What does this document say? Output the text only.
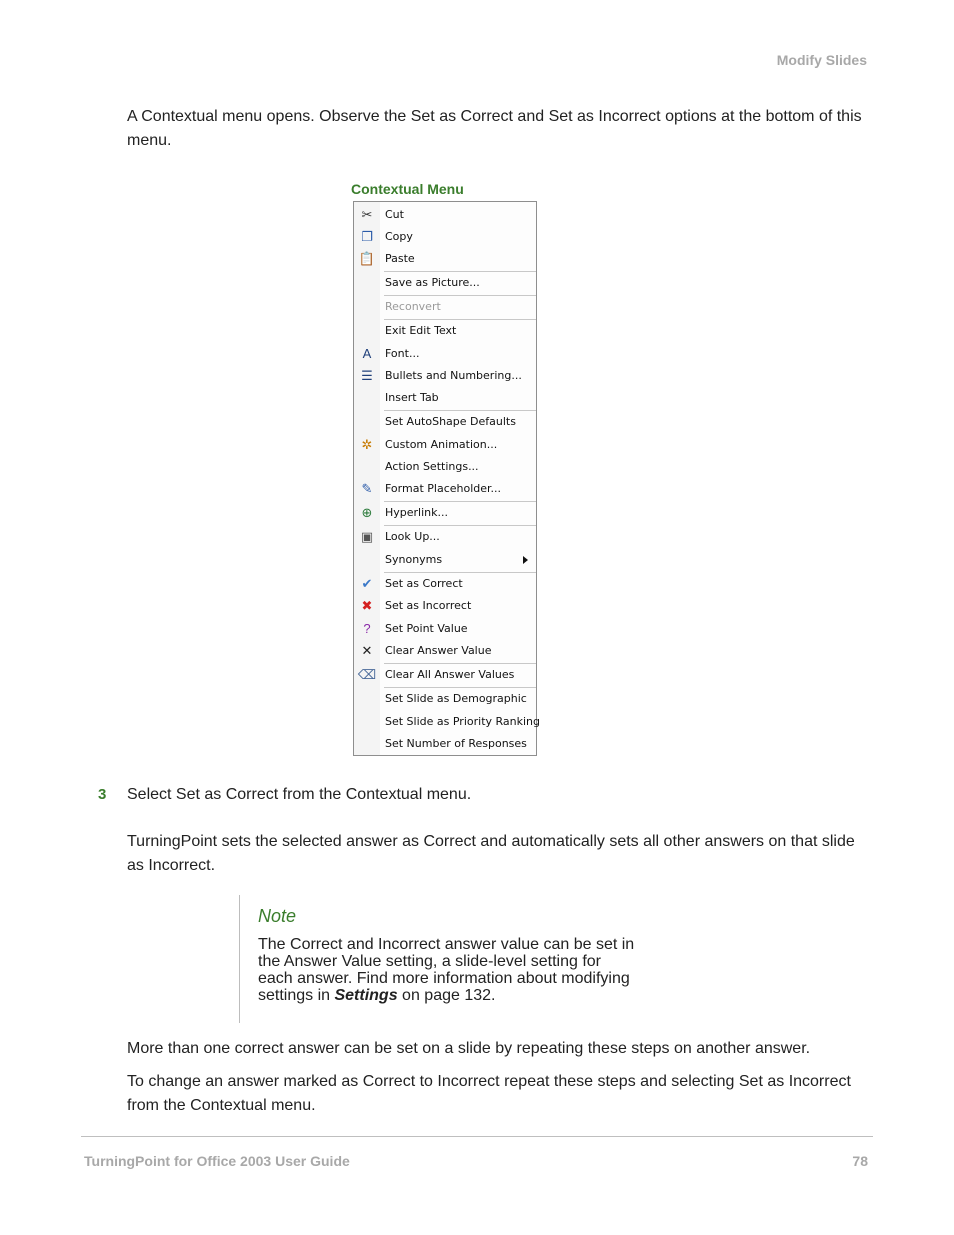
Modify Slides
A Contextual menu opens. Observe the Set as Correct and Set as Incorrect options at the bottom of this menu.
Contextual Menu
✂	Cut
❐	Copy
📋 Paste
Save as Picture...
Reconvert
Exit Edit Text
A	Font...
☰	Bullets and Numbering...
Insert Tab
Set AutoShape Defaults
✲	Custom Animation...
Action Settings...
✎	Format Placeholder...
⊕	Hyperlink...
▣	Look Up...
Synonyms
✔	Set as Correct
✖	Set as Incorrect
?	Set Point Value
✕	Clear Answer Value
⌫ Clear All Answer Values
Set Slide as Demographic
Set Slide as Priority Ranking
Set Number of Responses
3 Select Set as Correct from the Contextual menu.
TurningPoint sets the selected answer as Correct and automatically sets all other answers on that slide as Incorrect.
Note
The Correct and Incorrect answer value can be set in the Answer Value setting, a slide-level setting for each answer. Find more information about modifying settings in Settings on page 132.
More than one correct answer can be set on a slide by repeating these steps on another answer.
To change an answer marked as Correct to Incorrect repeat these steps and selecting Set as Incorrect from the Contextual menu.
TurningPoint for Office 2003 User Guide	78
